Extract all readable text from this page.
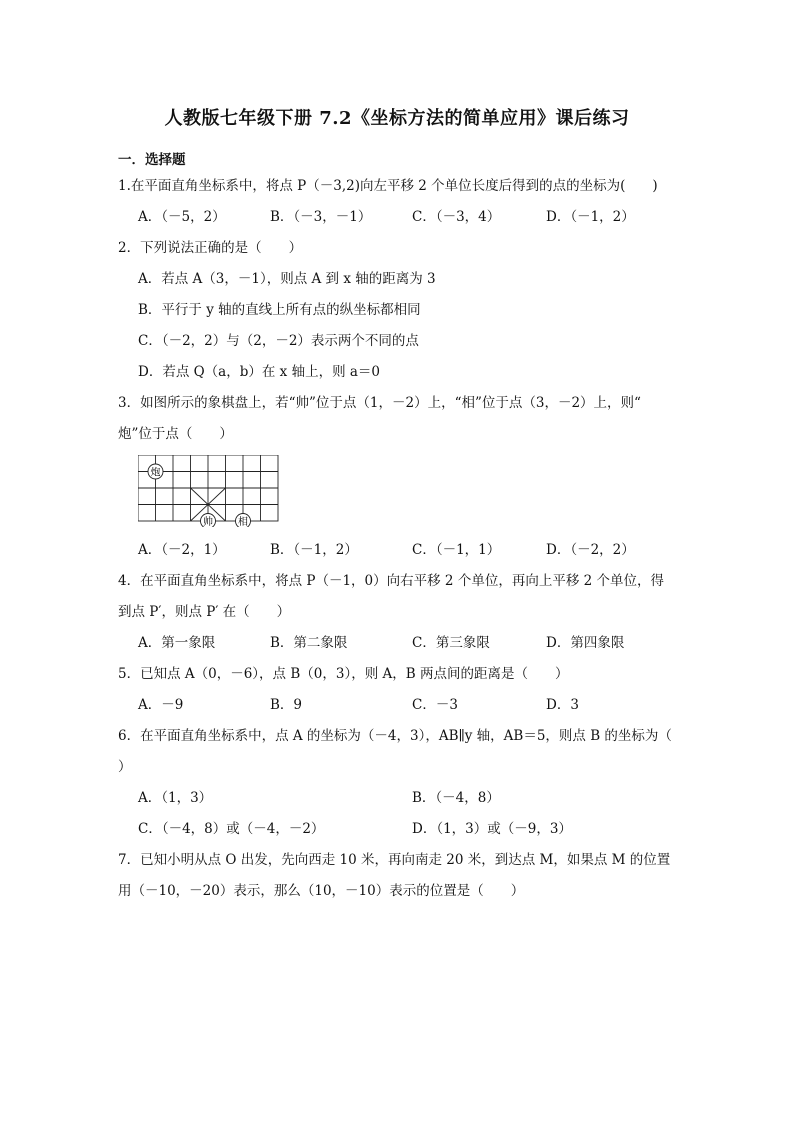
人教版七年级下册 7.2《坐标方法的简单应用》课后练习
一．选择题
1.在平面直角坐标系中，将点 P（－3,2)向左平移 2 个单位长度后得到的点的坐标为(　　)
A．（－5，2）	B．（－3，－1）	C．（－3，4）	D．（－1，2）
2．下列说法正确的是（　　）
A．若点 A（3，－1），则点 A 到 x 轴的距离为 3
B．平行于 y 轴的直线上所有点的纵坐标都相同
C．（－2，2）与（2，－2）表示两个不同的点
D．若点 Q（a，b）在 x 轴上，则 a＝0
3．如图所示的象棋盘上，若“帅”位于点（1，－2）上，“相”位于点（3，－2）上，则“
炮”位于点（　　）
炮
帅	相
A．（－2，1）	B．（－1，2）	C．（－1，1）	D．（－2，2）
4．在平面直角坐标系中，将点 P（－1，0）向右平移 2 个单位，再向上平移 2 个单位，得
到点 P′，则点 P′ 在（　　）
A．第一象限	B．第二象限	C．第三象限	D．第四象限
5．已知点 A（0，－6），点 B（0，3），则 A，B 两点间的距离是（　　）
A．－9	B．9	C．－3	D．3
6．在平面直角坐标系中，点 A 的坐标为（－4，3），AB∥y 轴，AB＝5，则点 B 的坐标为（
）
A．（1，3）	B．（－4，8）
C．（－4，8）或（－4，－2）	D．（1，3）或（－9，3）
7．已知小明从点 O 出发，先向西走 10 米，再向南走 20 米，到达点 M，如果点 M 的位置
用（－10，－20）表示，那么（10，－10）表示的位置是（　　）
